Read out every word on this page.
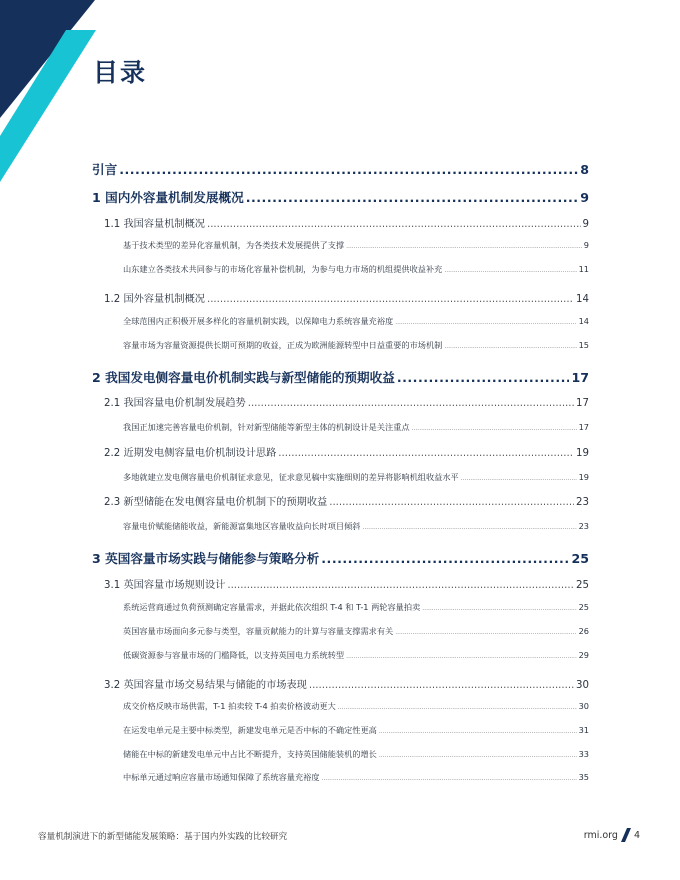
目录
引言 .....	8
1 国内外容量机制发展概况 .....	9
1.1 我国容量机制概况 .....	9
基于技术类型的差异化容量机制，为各类技术发展提供了支撑 .....	9
山东建立各类技术共同参与的市场化容量补偿机制，为参与电力市场的机组提供收益补充 .....	11
1.2 国外容量机制概况 .....	14
全球范围内正积极开展多样化的容量机制实践，以保障电力系统容量充裕度 .....	14
容量市场为容量资源提供长期可预期的收益，正成为欧洲能源转型中日益重要的市场机制 .....	15
2 我国发电侧容量电价机制实践与新型储能的预期收益 .....	17
2.1 我国容量电价机制发展趋势 .....	17
我国正加速完善容量电价机制，针对新型储能等新型主体的机制设计是关注重点 .....	17
2.2 近期发电侧容量电价机制设计思路 .....	19
多地就建立发电侧容量电价机制征求意见，征求意见稿中实施细则的差异将影响机组收益水平 .....	19
2.3 新型储能在发电侧容量电价机制下的预期收益 .....	23
容量电价赋能储能收益，新能源富集地区容量收益向长时项目倾斜 .....	23
3 英国容量市场实践与储能参与策略分析 .....	25
3.1 英国容量市场规则设计 .....	25
系统运营商通过负荷预测确定容量需求，并据此依次组织 T-4 和 T-1 两轮容量拍卖 .....	25
英国容量市场面向多元参与类型，容量贡献能力的计算与容量支撑需求有关 .....	26
低碳资源参与容量市场的门槛降低，以支持英国电力系统转型 .....	29
3.2 英国容量市场交易结果与储能的市场表现 .....	30
成交价格反映市场供需，T-1 拍卖较 T-4 拍卖价格波动更大 .....	30
在运发电单元是主要中标类型，新建发电单元是否中标的不确定性更高 .....	31
储能在中标的新建发电单元中占比不断提升，支持英国储能装机的增长 .....	33
中标单元通过响应容量市场通知保障了系统容量充裕度 .....	35
容量机制演进下的新型储能发展策略：基于国内外实践的比较研究	rmi.org 4
